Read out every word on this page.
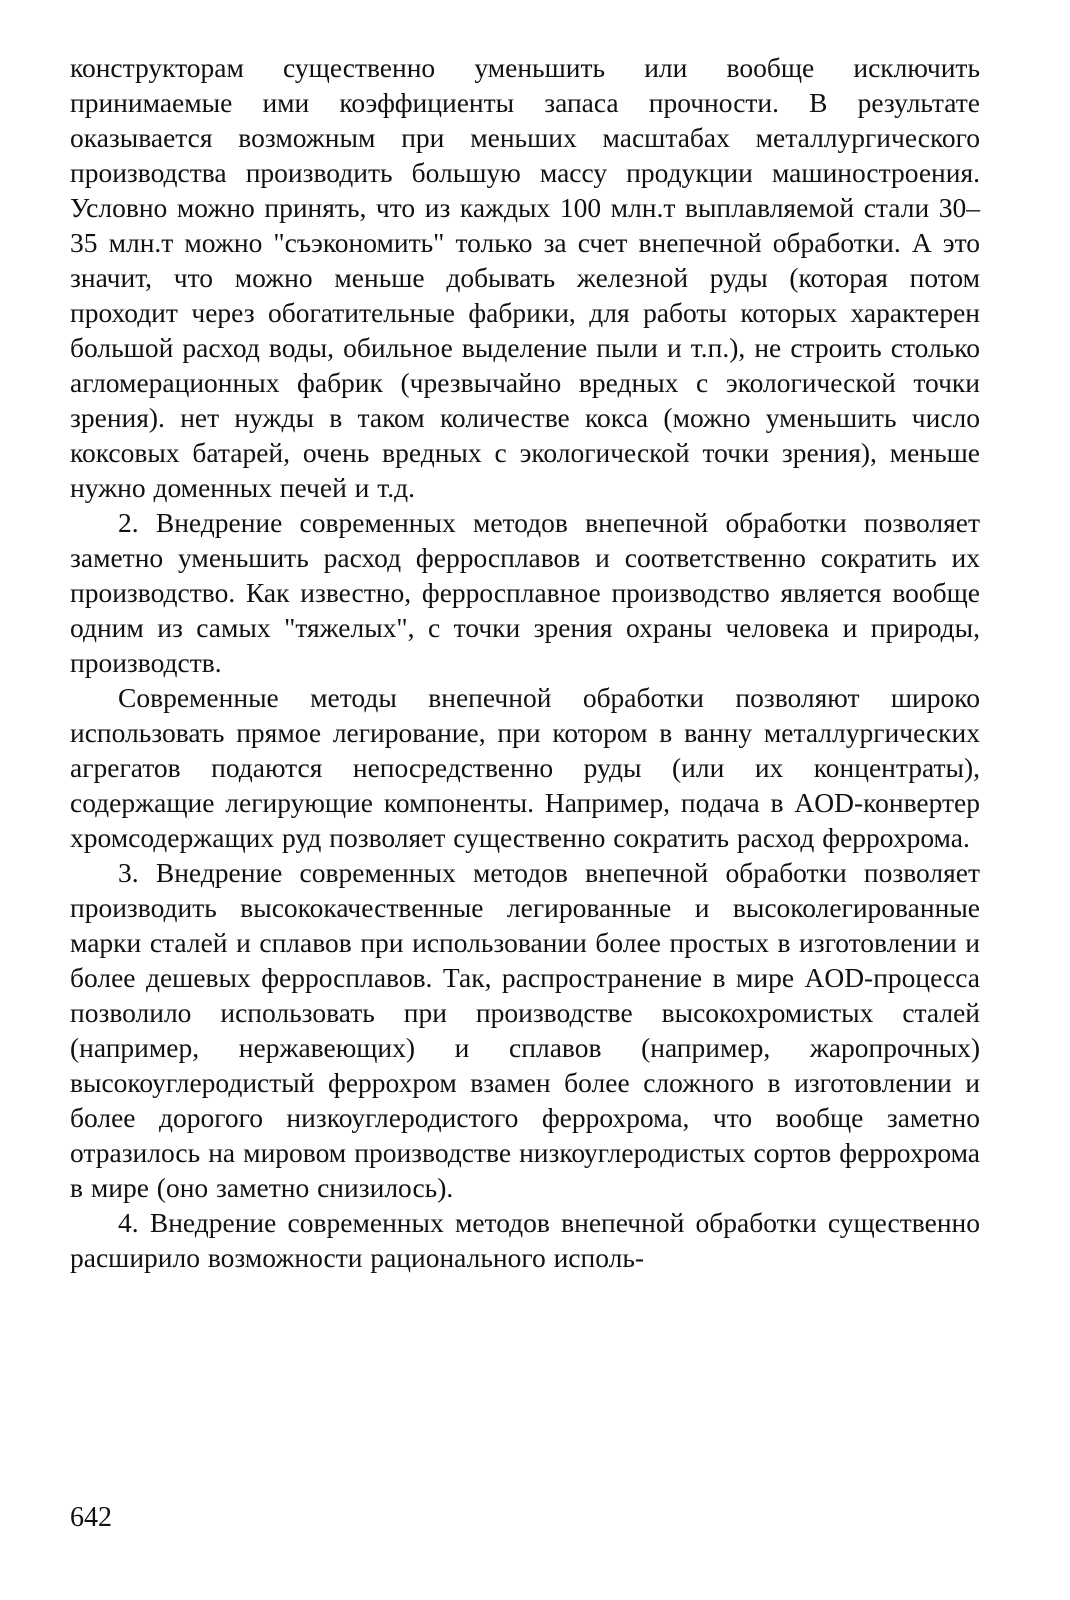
конструкторам существенно уменьшить или вообще исключить принимаемые ими коэффициенты запаса прочности. В результате оказывается возможным при меньших масштабах металлургического производства производить большую массу продукции машиностроения. Условно можно принять, что из каждых 100 млн.т выплавляемой стали 30–35 млн.т можно "съэкономить" только за счет внепечной обработки. А это значит, что можно меньше добывать железной руды (которая потом проходит через обогатительные фабрики, для работы которых характерен большой расход воды, обильное выделение пыли и т.п.), не строить столько агломерационных фабрик (чрезвычайно вредных с экологической точки зрения). нет нужды в таком количестве кокса (можно уменьшить число коксовых батарей, очень вредных с экологической точки зрения), меньше нужно доменных печей и т.д.

2. Внедрение современных методов внепечной обработки позволяет заметно уменьшить расход ферросплавов и соответственно сократить их производство. Как известно, ферросплавное производство является вообще одним из самых "тяжелых", с точки зрения охраны человека и природы, производств.

Современные методы внепечной обработки позволяют широко использовать прямое легирование, при котором в ванну металлургических агрегатов подаются непосредственно руды (или их концентраты), содержащие легирующие компоненты. Например, подача в AOD-конвертер хромсодержащих руд позволяет существенно сократить расход феррохрома.

3. Внедрение современных методов внепечной обработки позволяет производить высококачественные легированные и высоколегированные марки сталей и сплавов при использовании более простых в изготовлении и более дешевых ферросплавов. Так, распространение в мире AOD-процесса позволило использовать при производстве высокохромистых сталей (например, нержавеющих) и сплавов (например, жаропрочных) высокоуглеродистый феррохром взамен более сложного в изготовлении и более дорогого низкоуглеродистого феррохрома, что вообще заметно отразилось на мировом производстве низкоуглеродистых сортов феррохрома в мире (оно заметно снизилось).

4. Внедрение современных методов внепечной обработки существенно расширило возможности рационального исполь-

642
